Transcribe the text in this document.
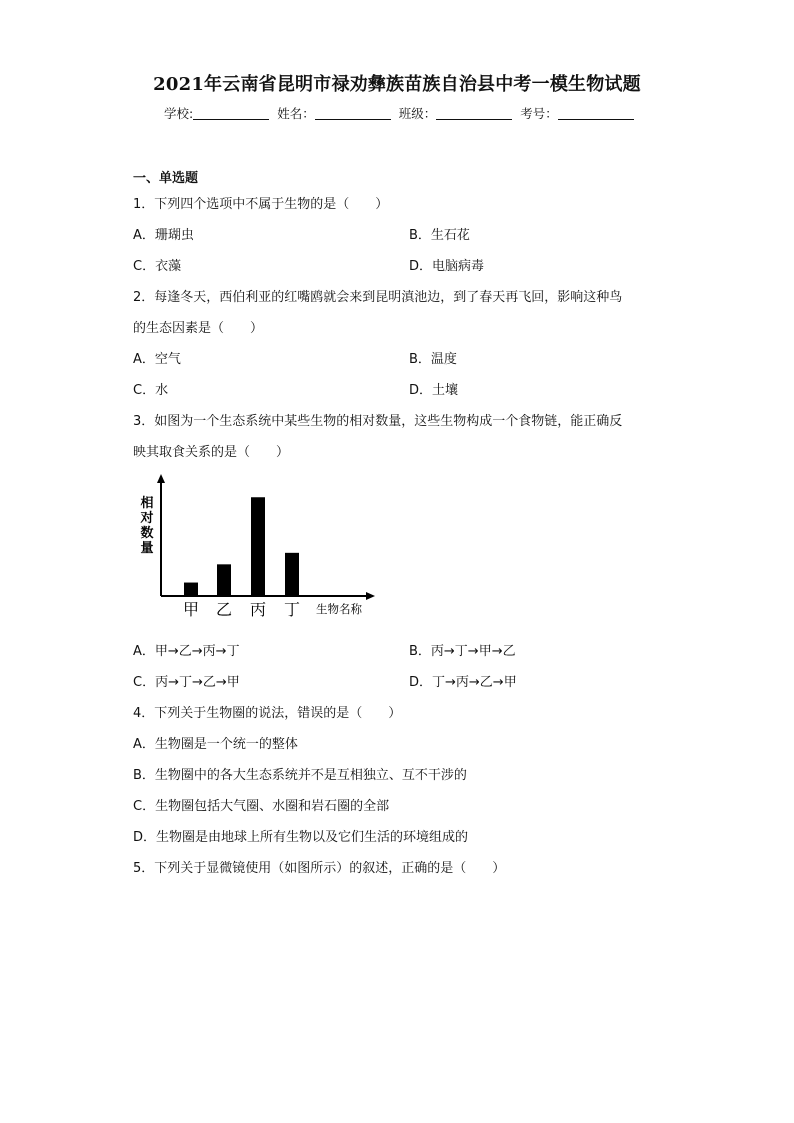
2021年云南省昆明市禄劝彝族苗族自治县中考一模生物试题
学校:	姓名：	班级：	考号：
一、单选题
1．下列四个选项中不属于生物的是（　　）
A．珊瑚虫	B．生石花
C．衣藻	D．电脑病毒
2．每逢冬天，西伯利亚的红嘴鸥就会来到昆明滇池边，到了春天再飞回，影响这种鸟
的生态因素是（　　）
A．空气	B．温度
C．水	D．土壤
3．如图为一个生态系统中某些生物的相对数量，这些生物构成一个食物链，能正确反
映其取食关系的是（　　）
相
对
数
量
甲 乙 丙 丁 生物名称
A．甲→乙→丙→丁	B．丙→丁→甲→乙
C．丙→丁→乙→甲	D．丁→丙→乙→甲
4．下列关于生物圈的说法，错误的是（　　）
A．生物圈是一个统一的整体
B．生物圈中的各大生态系统并不是互相独立、互不干涉的
C．生物圈包括大气圈、水圈和岩石圈的全部
D．生物圈是由地球上所有生物以及它们生活的环境组成的
5．下列关于显微镜使用（如图所示）的叙述，正确的是（　　）
